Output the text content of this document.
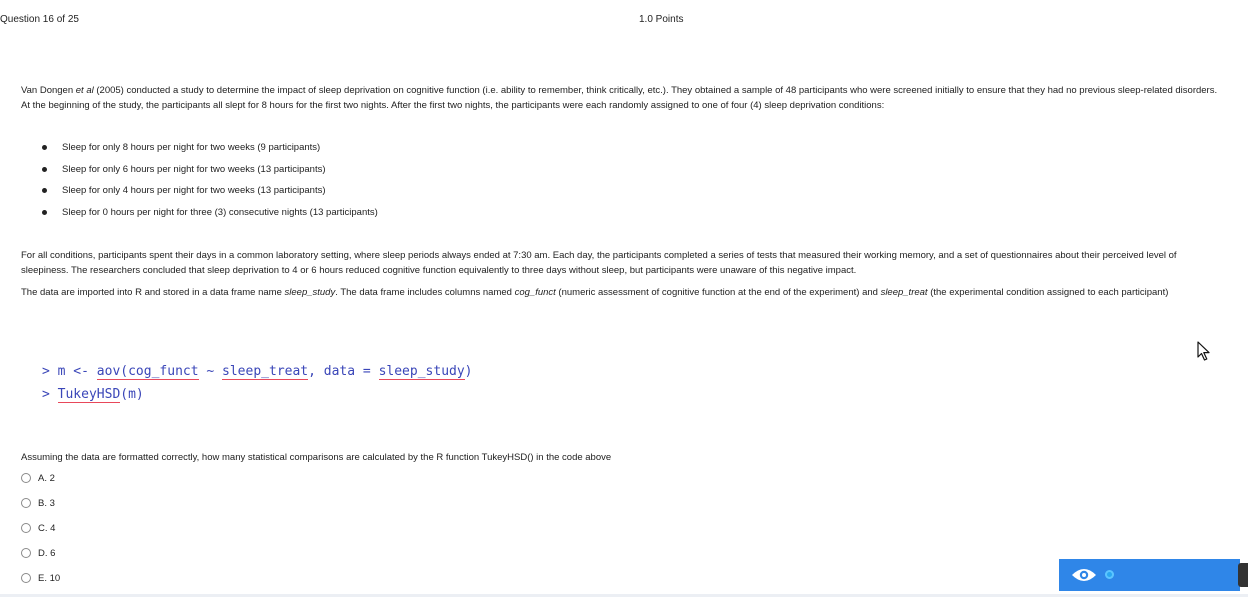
Question 16 of 25	1.0 Points

Van Dongen et al (2005) conducted a study to determine the impact of sleep deprivation on cognitive function (i.e. ability to remember, think critically, etc.). They obtained a sample of 48 participants who were screened initially to ensure that they had no previous sleep-related disorders. At the beginning of the study, the participants all slept for 8 hours for the first two nights. After the first two nights, the participants were each randomly assigned to one of four (4) sleep deprivation conditions:

Sleep for only 8 hours per night for two weeks (9 participants)
Sleep for only 6 hours per night for two weeks (13 participants)
Sleep for only 4 hours per night for two weeks (13 participants)
Sleep for 0 hours per night for three (3) consecutive nights (13 participants)

For all conditions, participants spent their days in a common laboratory setting, where sleep periods always ended at 7:30 am. Each day, the participants completed a series of tests that measured their working memory, and a set of questionnaires about their perceived level of sleepiness. The researchers concluded that sleep deprivation to 4 or 6 hours reduced cognitive function equivalently to three days without sleep, but participants were unaware of this negative impact.

The data are imported into R and stored in a data frame name sleep_study. The data frame includes columns named cog_funct (numeric assessment of cognitive function at the end of the experiment) and sleep_treat (the experimental condition assigned to each participant)

> m <- aov(cog_funct ~ sleep_treat, data = sleep_study)
> TukeyHSD(m)

Assuming the data are formatted correctly, how many statistical comparisons are calculated by the R function TukeyHSD() in the code above

A. 2
B. 3
C. 4
D. 6
E. 10
